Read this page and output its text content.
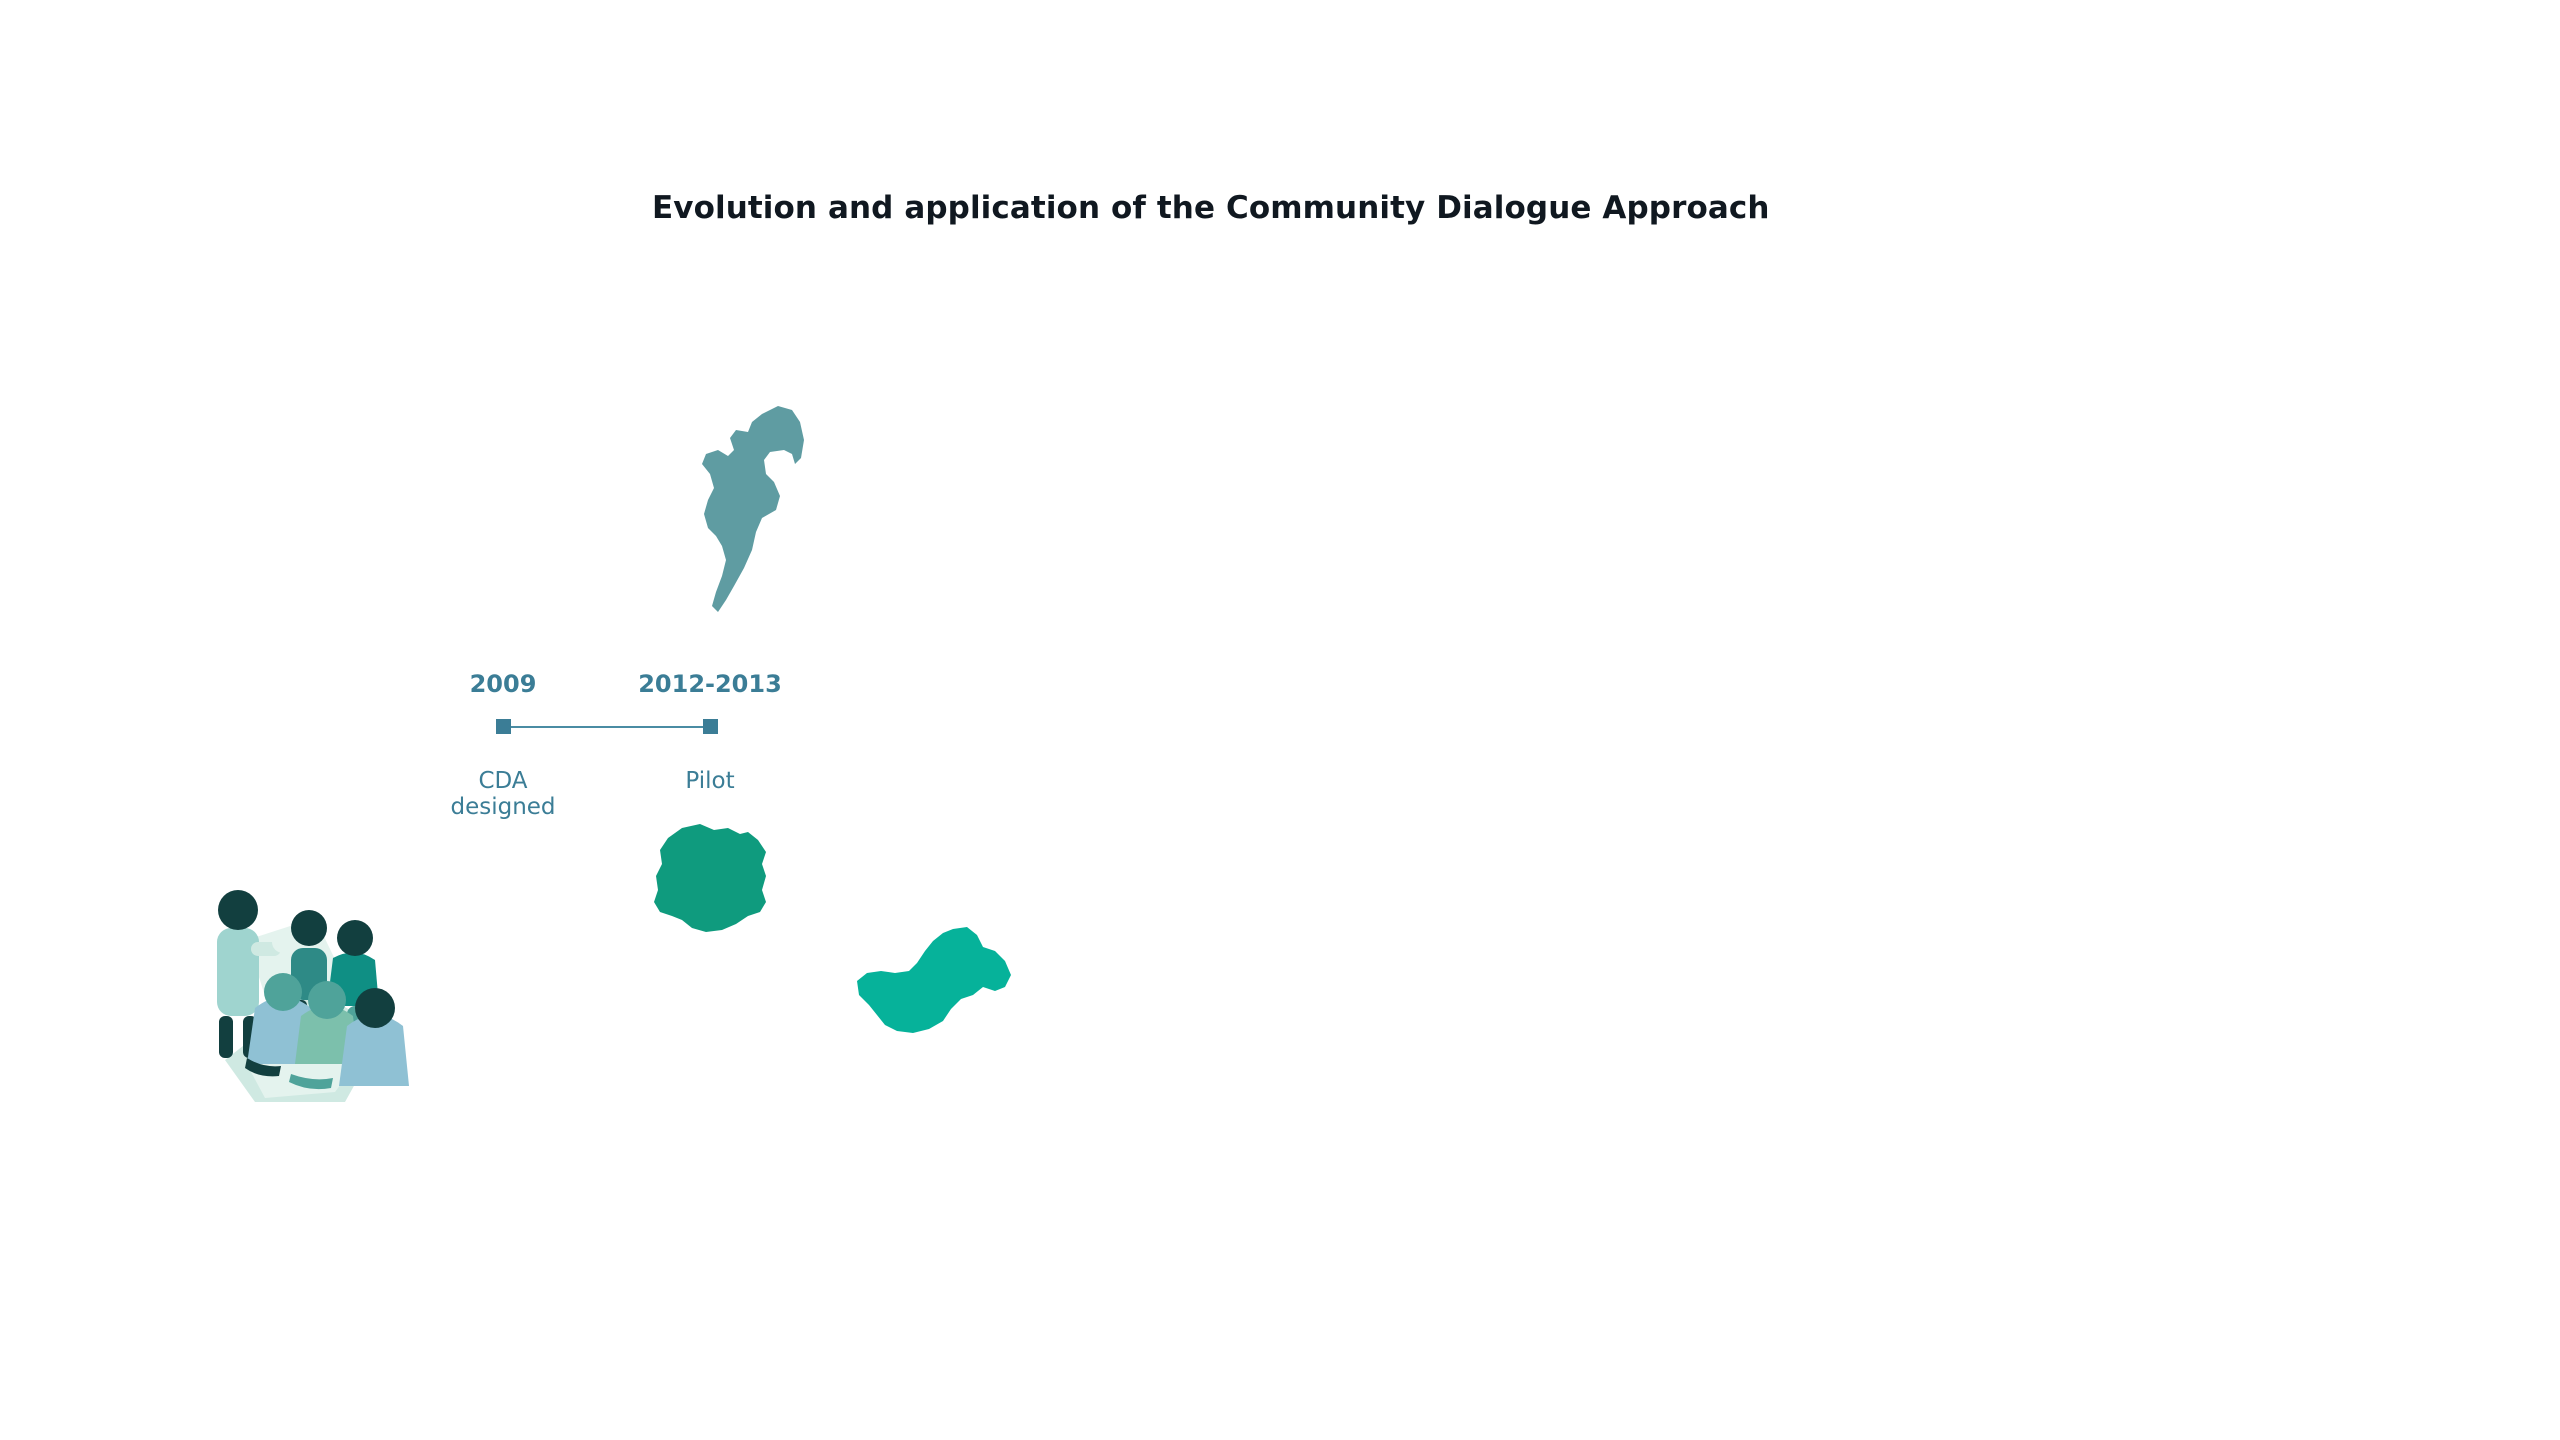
Evolution and application of the Community Dialogue Approach
2009	2012-2013
CDA
designed
Pilot
